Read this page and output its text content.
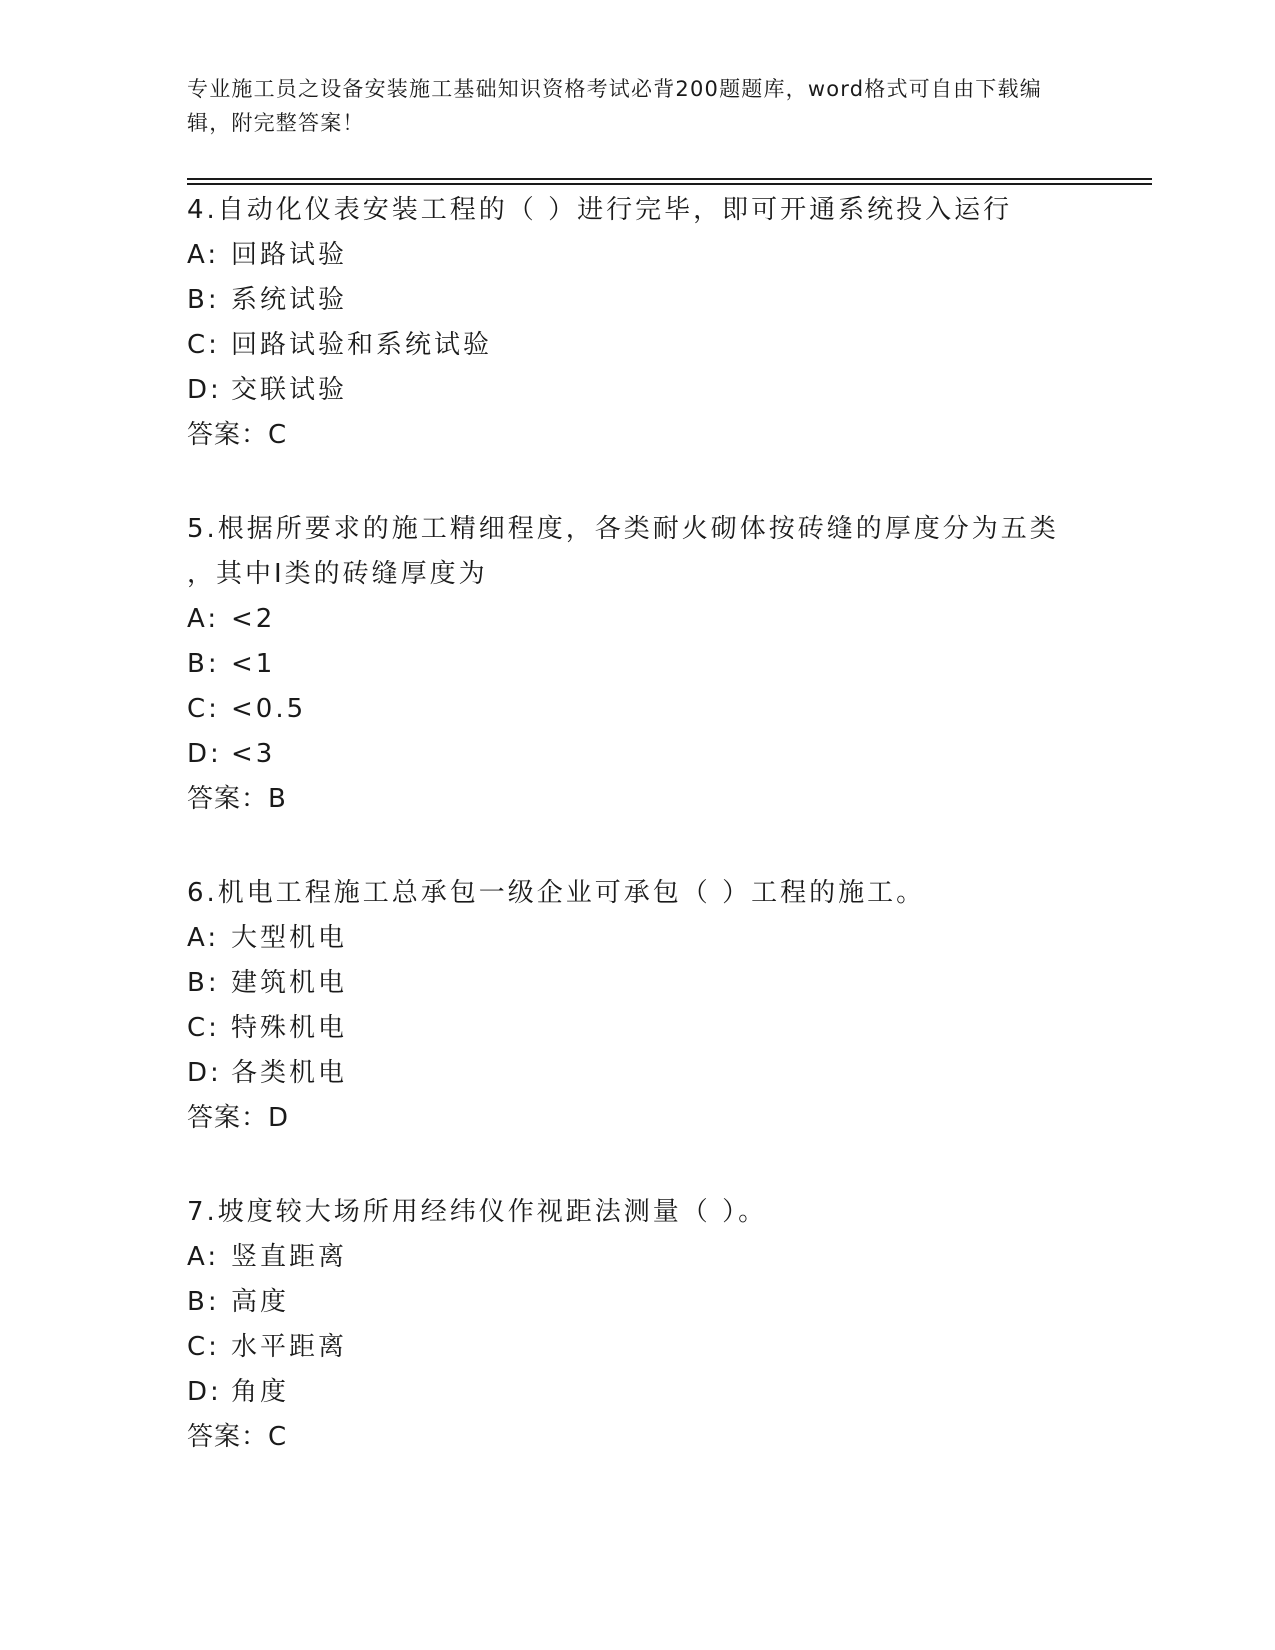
专业施工员之设备安装施工基础知识资格考试必背200题题库，word格式可自由下载编辑，附完整答案！

4.自动化仪表安装工程的（ ）进行完毕，即可开通系统投入运行

A: 回路试验

B: 系统试验

C: 回路试验和系统试验

D: 交联试验

答案：C

5.根据所要求的施工精细程度，各类耐火砌体按砖缝的厚度分为五类

，其中Ⅰ类的砖缝厚度为

A: <2

B: <1

C: <0.5

D: <3

答案：B

6.机电工程施工总承包一级企业可承包（ ）工程的施工。

A: 大型机电

B: 建筑机电

C: 特殊机电

D: 各类机电

答案：D

7.坡度较大场所用经纬仪作视距法测量（ ）。

A: 竖直距离

B: 高度

C: 水平距离

D: 角度

答案：C
